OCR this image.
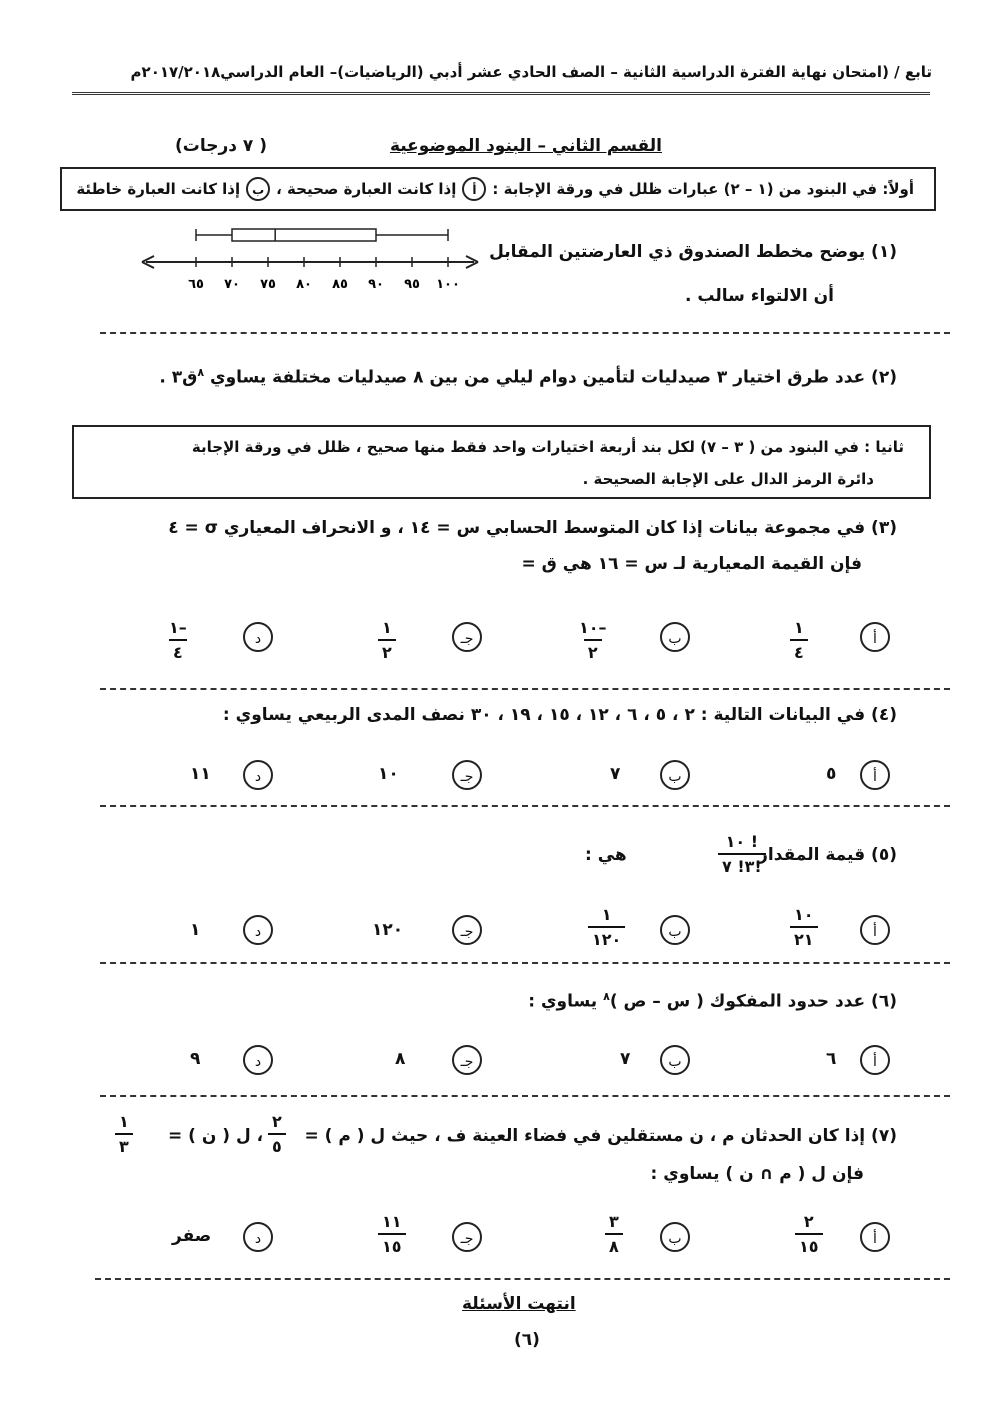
تابع / (امتحان نهاية الفترة الدراسية الثانية – الصف الحادي عشر أدبي (الرياضيات)– العام الدراسي٢٠١٧/٢٠١٨م
القسم الثاني – البنود الموضوعية
( ٧ درجات)
أولاً: في البنود من (١ – ٢) عبارات ظلل في ورقة الإجابة :
أ
إذا كانت العبارة صحيحة ،
ب
إذا كانت العبارة خاطئة
(١) يوضح مخطط الصندوق ذي العارضتين المقابل
أن الالتواء سالب .
٦٥ ٧٠ ٧٥ ٨٠ ٨٥ ٩٠ ٩٥ ١٠٠
(٢) عدد طرق اختيار ٣ صيدليات لتأمين دوام ليلي من بين ٨ صيدليات مختلفة يساوي $^٨$ق٣ .
ثانيا : في البنود من ( ٣ – ٧) لكل بند أربعة اختيارات واحد فقط منها صحيح ، ظلل في ورقة الإجابة
دائرة الرمز الدال على الإجابة الصحيحة .
(٣) في مجموعة بيانات إذا كان المتوسط الحسابي س = ١٤ ، و الانحراف المعياري σ = ٤
فإن القيمة المعيارية لـ س = ١٦ هي ق =
أ
١
٤
ب
١٠–
٢
جـ
١
٢
د
١–
٤
(٤) في البيانات التالية : ٢ ، ٥ ، ٦ ، ١٢ ، ١٥ ، ١٩ ، ٣٠ نصف المدى الربيعي يساوي :
أ
٥
ب
٧
جـ
١٠
د
١١
(٥) قيمة المقدار
١٠ !
٣! ٧!
هي :
أ
١٠
٢١
ب
١
١٢٠
جـ
١٢٠
د
١
(٦) عدد حدود المفكوك ( س – ص )$^٨$ يساوي :
أ
٦
ب
٧
جـ
٨
د
٩
(٧) إذا كان الحدثان م ، ن مستقلين في فضاء العينة ف ، حيث ل ( م ) =
٢
٥
، ل ( ن ) =
١
٣
فإن ل ( م ∩ ن ) يساوي :
أ
٢
١٥
ب
٣
٨
جـ
١١
١٥
د
صفر
انتهت الأسئلة
(٦)
